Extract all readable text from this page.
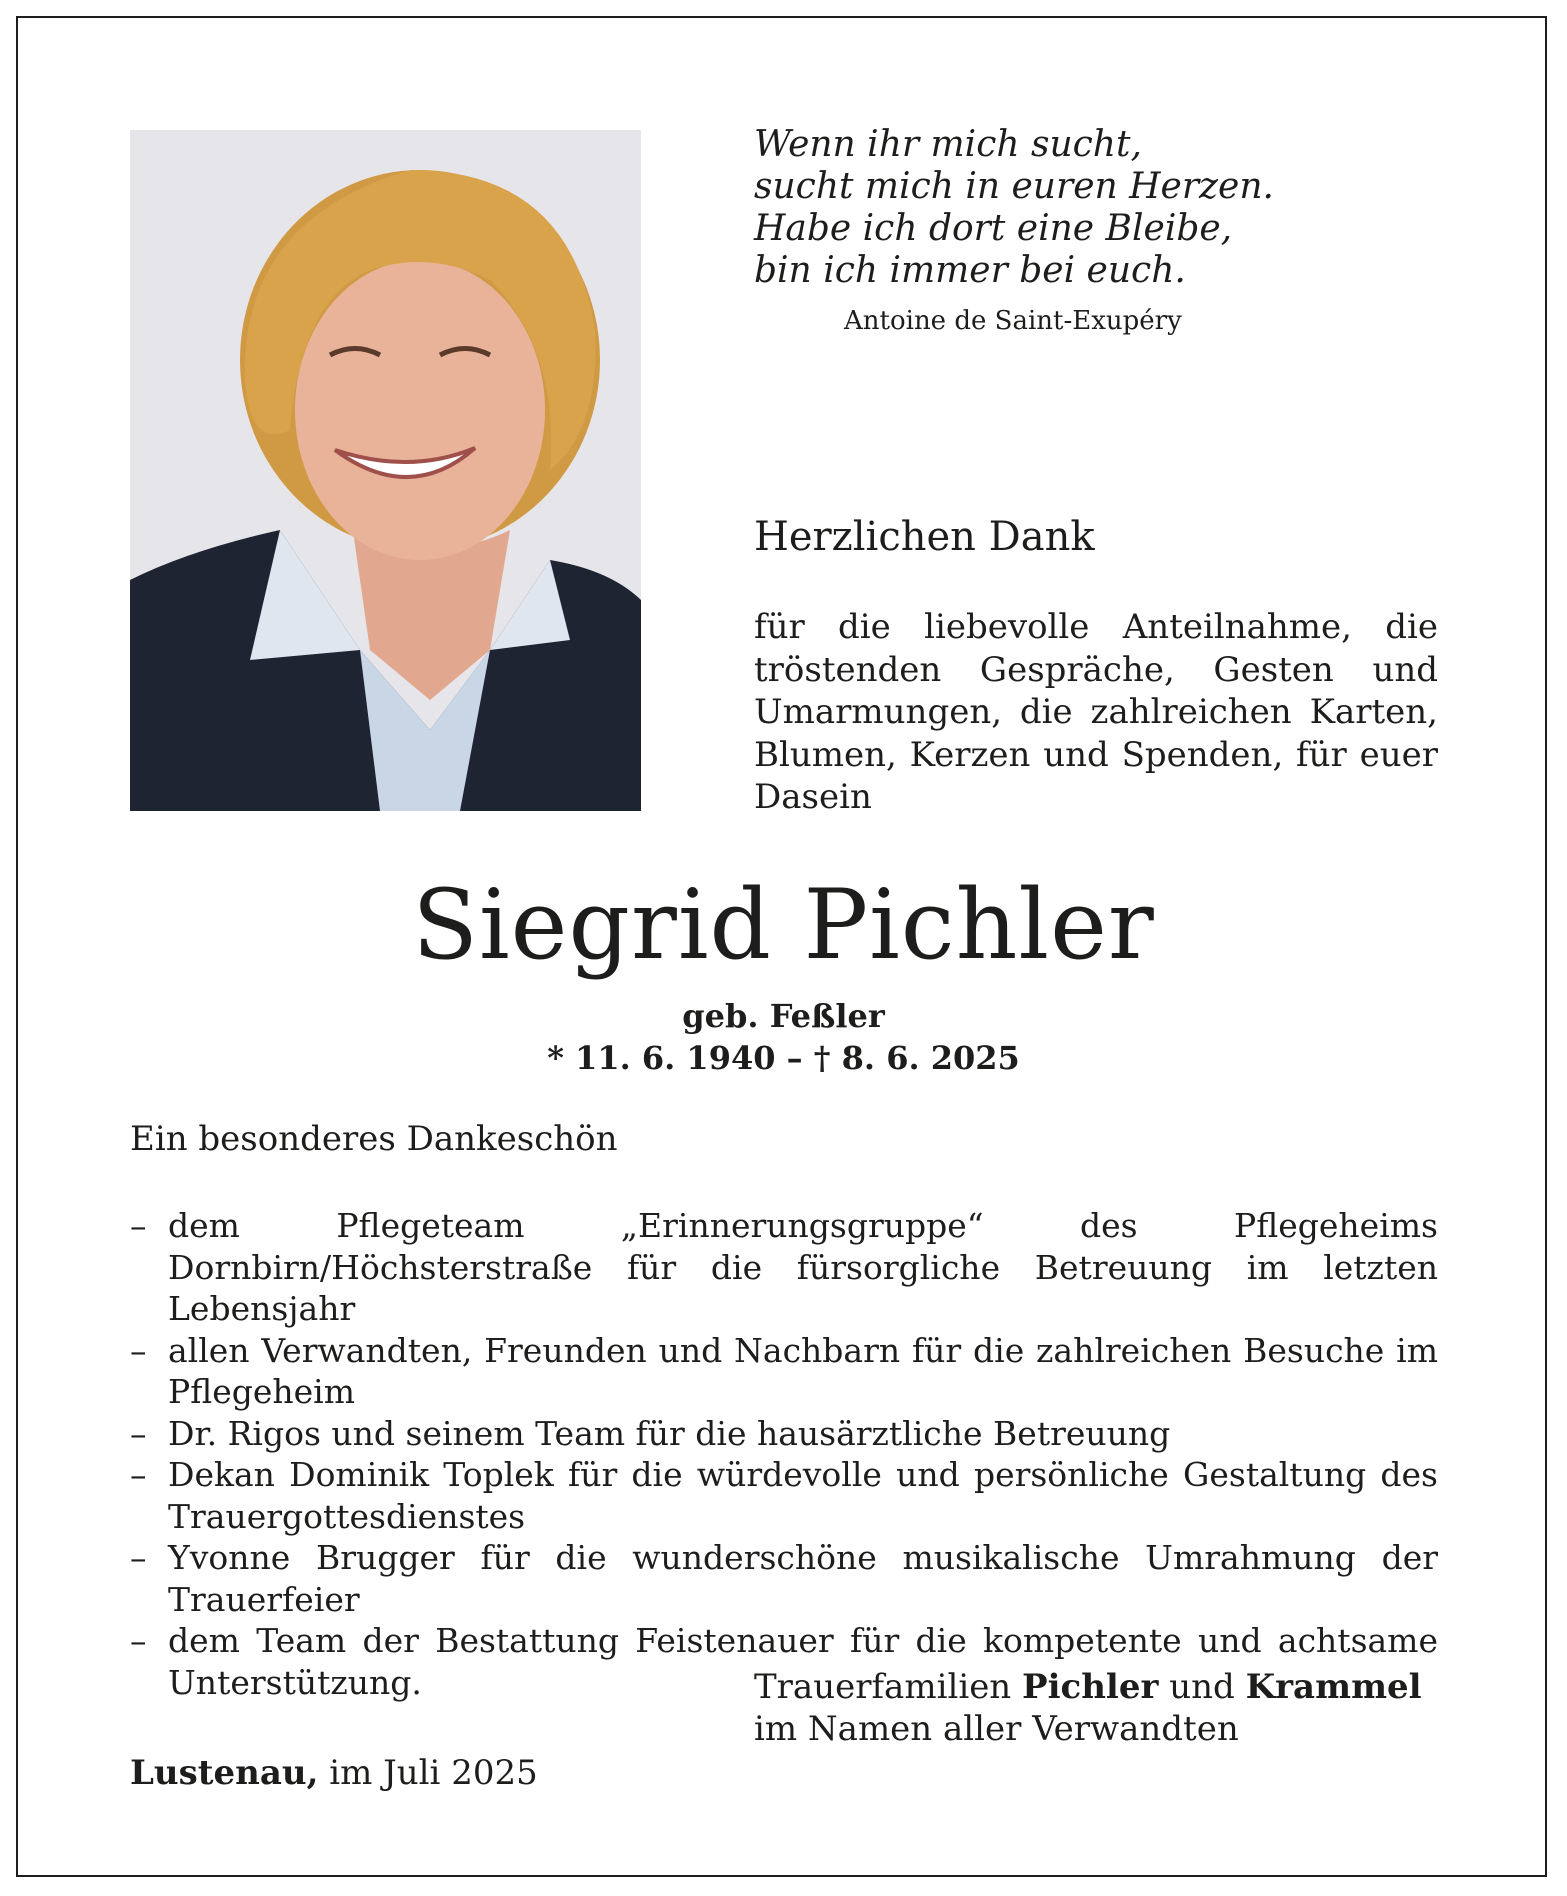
Wenn ihr mich sucht,
sucht mich in euren Herzen.
Habe ich dort eine Bleibe,
bin ich immer bei euch.
Antoine de Saint-Exupéry
Herzlichen Dank
für die liebevolle Anteilnahme, die tröstenden Gespräche, Gesten und Umarmungen, die zahlreichen Karten, Blumen, Kerzen und Spenden, für euer Dasein
Siegrid Pichler
geb. Feßler
* 11. 6. 1940 – † 8. 6. 2025
Ein besonderes Dankeschön
– dem Pflegeteam „Erinnerungsgruppe“ des Pflegeheims Dornbirn/Höchsterstraße für die fürsorgliche Betreuung im letzten Lebensjahr
– allen Verwandten, Freunden und Nachbarn für die zahlreichen Besuche im Pflegeheim
– Dr. Rigos und seinem Team für die hausärztliche Betreuung
– Dekan Dominik Toplek für die würdevolle und persönliche Gestaltung des Trauergottesdienstes
– Yvonne Brugger für die wunderschöne musikalische Umrahmung der Trauerfeier
– dem Team der Bestattung Feistenauer für die kompetente und achtsame Unterstützung.	Trauerfamilien Pichler und Krammel
im Namen aller Verwandten
Lustenau, im Juli 2025
